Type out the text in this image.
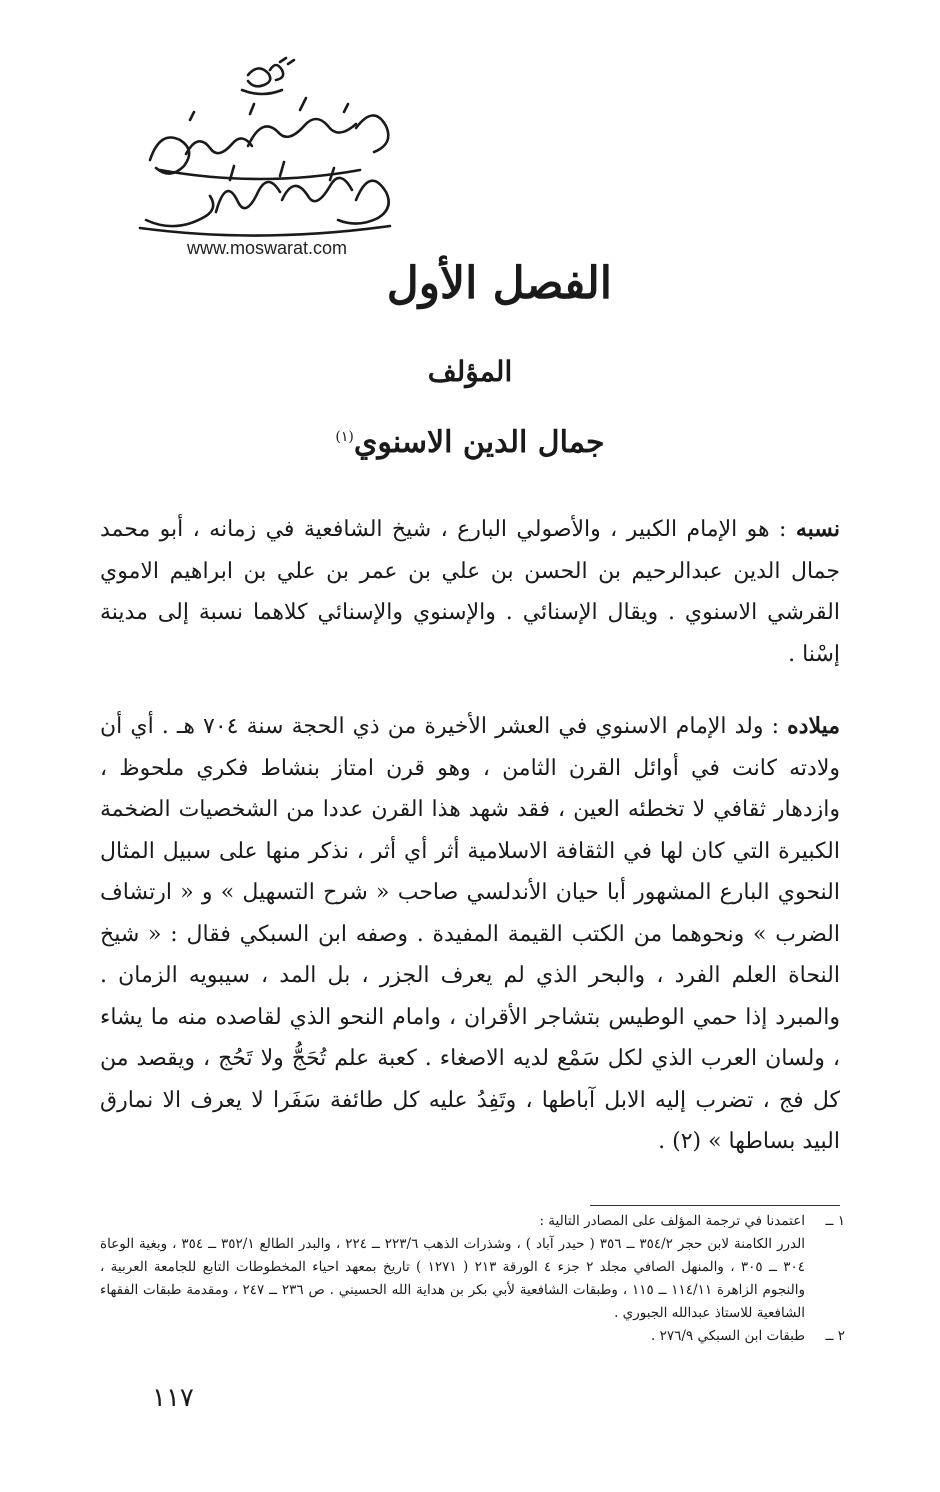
www.moswarat.com
الفصل الأول
المؤلف
جمال الدين الاسنوي$^{(١)}$
نسبه : هو الإمام الكبير ، والأصولي البارع ، شيخ الشافعية في زمانه ، أبو محمد جمال الدين عبدالرحيم بن الحسن بن علي بن عمر بن علي بن ابراهيم الاموي القرشي الاسنوي . ويقال الإسنائي . والإسنوي والإسنائي كلاهما نسبة إلى مدينة إسْنا .
ميلاده : ولد الإمام الاسنوي في العشر الأخيرة من ذي الحجة سنة ٧٠٤ هـ . أي أن ولادته كانت في أوائل القرن الثامن ، وهو قرن امتاز بنشاط فكري ملحوظ ، وازدهار ثقافي لا تخطئه العين ، فقد شهد هذا القرن عددا من الشخصيات الضخمة الكبيرة التي كان لها في الثقافة الاسلامية أثر أي أثر ، نذكر منها على سبيل المثال النحوي البارع المشهور أبا حيان الأندلسي صاحب « شرح التسهيل » و « ارتشاف الضرب » ونحوهما من الكتب القيمة المفيدة . وصفه ابن السبكي فقال : « شيخ النحاة العلم الفرد ، والبحر الذي لم يعرف الجزر ، بل المد ، سيبويه الزمان . والمبرد إذا حمي الوطيس بتشاجر الأقران ، وامام النحو الذي لقاصده منه ما يشاء ، ولسان العرب الذي لكل سَمْع لديه الاصغاء . كعبة علم تُحَجُّ ولا تَحُج ، ويقصد من كل فج ، تضرب إليه الابل آباطها ، وتَفِدُ عليه كل طائفة سَفَرا لا يعرف الا نمارق البيد بساطها » (٢) .
١ ــ
اعتمدنا في ترجمة المؤلف على المصادر التالية :
الدرر الكامنة لابن حجر ٣٥٤/٢ ــ ٣٥٦ ( حيدر آباد ) ، وشذرات الذهب ٢٢٣/٦ ــ ٢٢٤ ، والبدر الطالع ٣٥٢/١ ــ ٣٥٤ ، وبغية الوعاة ٣٠٤ ــ ٣٠٥ ، والمنهل الصافي مجلد ٢ جزء ٤ الورقة ٢١٣ ( ١٢٧١ ) تاريخ بمعهد احياء المخطوطات التابع للجامعة العربية ، والنجوم الزاهرة ١١٤/١١ ــ ١١٥ ، وطبقات الشافعية لأبي بكر بن هداية الله الحسيني . ص ٢٣٦ ــ ٢٤٧ ، ومقدمة طبقات الفقهاء الشافعية للاستاذ عبدالله الجبوري .
٢ ــ
طبقات ابن السبكي ٢٧٦/٩ .
١١٧
